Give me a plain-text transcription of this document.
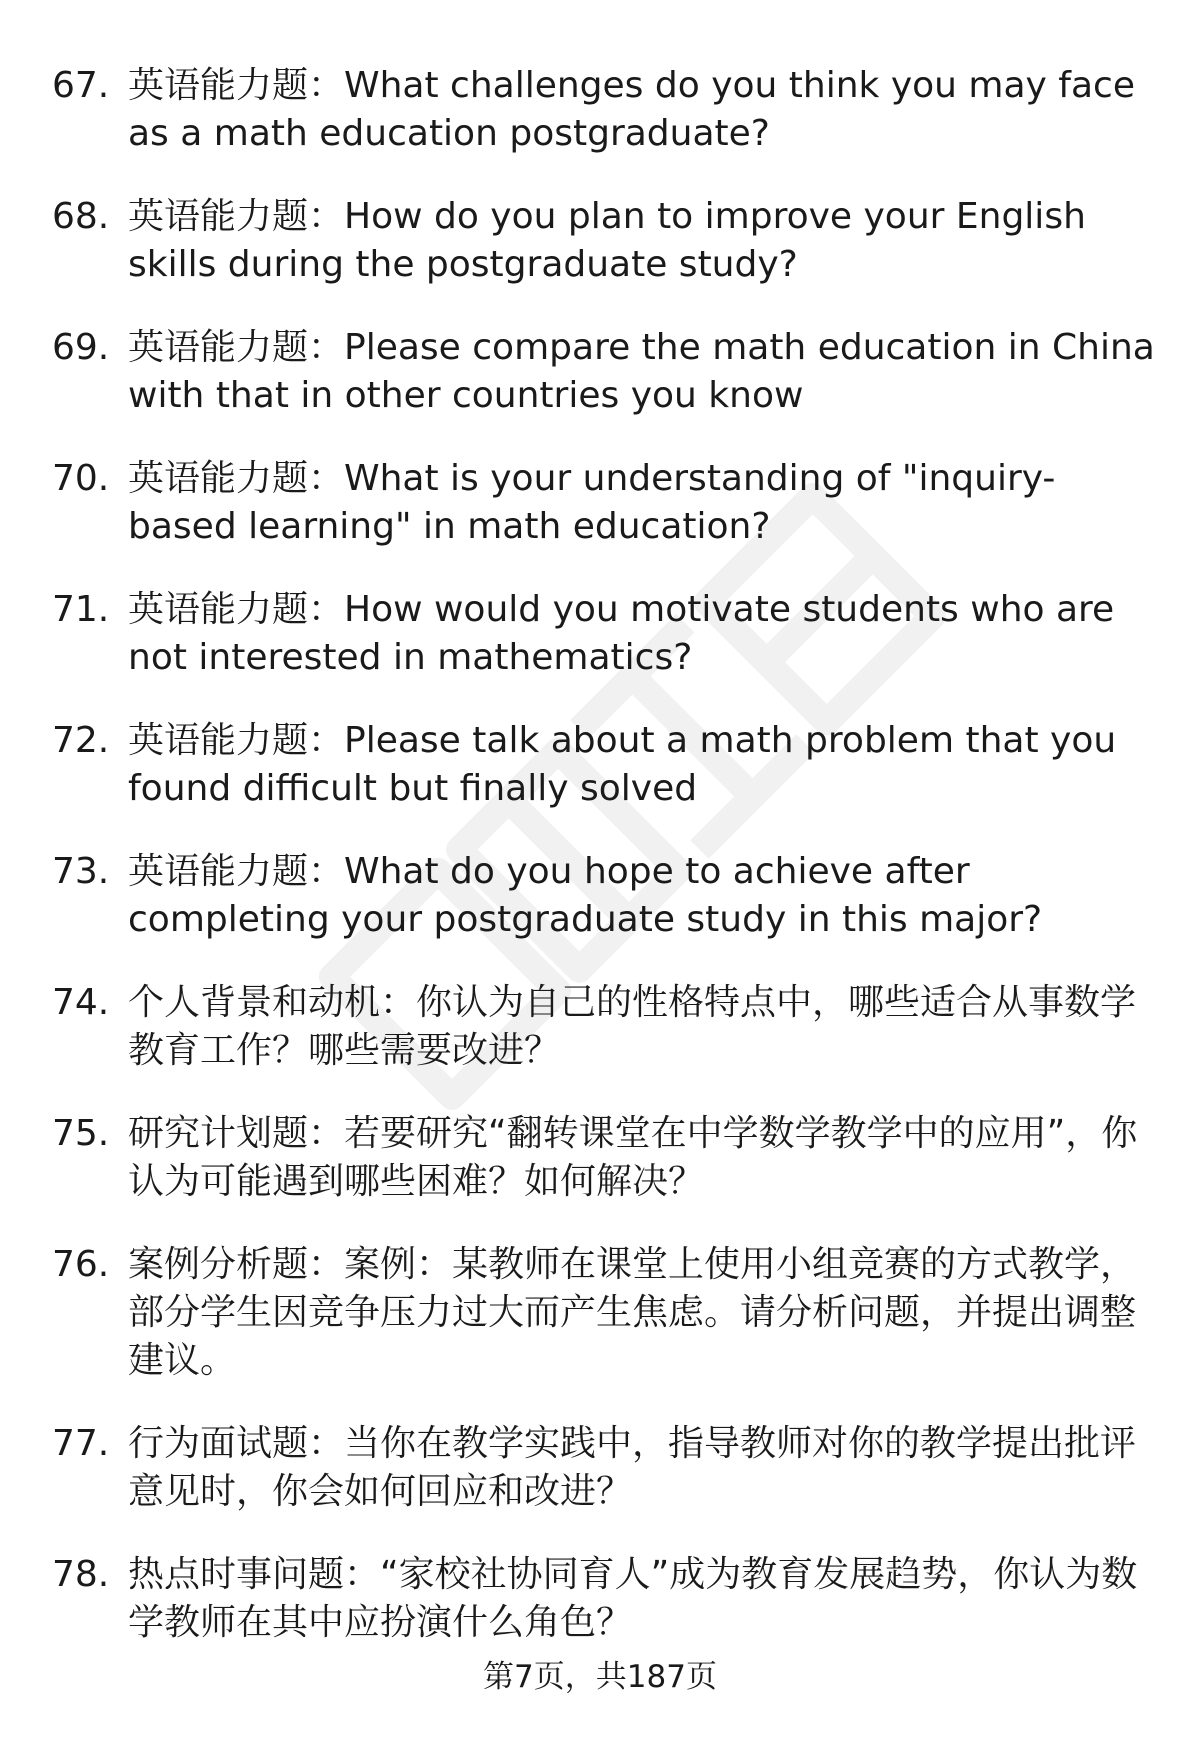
67. 英语能力题：What challenges do you think you may face as a math education postgraduate?
68. 英语能力题：How do you plan to improve your English skills during the postgraduate study?
69. 英语能力题：Please compare the math education in China with that in other countries you know
70. 英语能力题：What is your understanding of "inquiry-based learning" in math education?
71. 英语能力题：How would you motivate students who are not interested in mathematics?
72. 英语能力题：Please talk about a math problem that you found difficult but finally solved
73. 英语能力题：What do you hope to achieve after completing your postgraduate study in this major?
74. 个人背景和动机：你认为自己的性格特点中，哪些适合从事数学教育工作？哪些需要改进？
75. 研究计划题：若要研究“翻转课堂在中学数学教学中的应用”，你认为可能遇到哪些困难？如何解决？
76. 案例分析题：案例：某教师在课堂上使用小组竞赛的方式教学，部分学生因竞争压力过大而产生焦虑。请分析问题，并提出调整建议。
77. 行为面试题：当你在教学实践中，指导教师对你的教学提出批评意见时，你会如何回应和改进？
78. 热点时事问题：“家校社协同育人”成为教育发展趋势，你认为数学教师在其中应扮演什么角色？
第7页，共187页
